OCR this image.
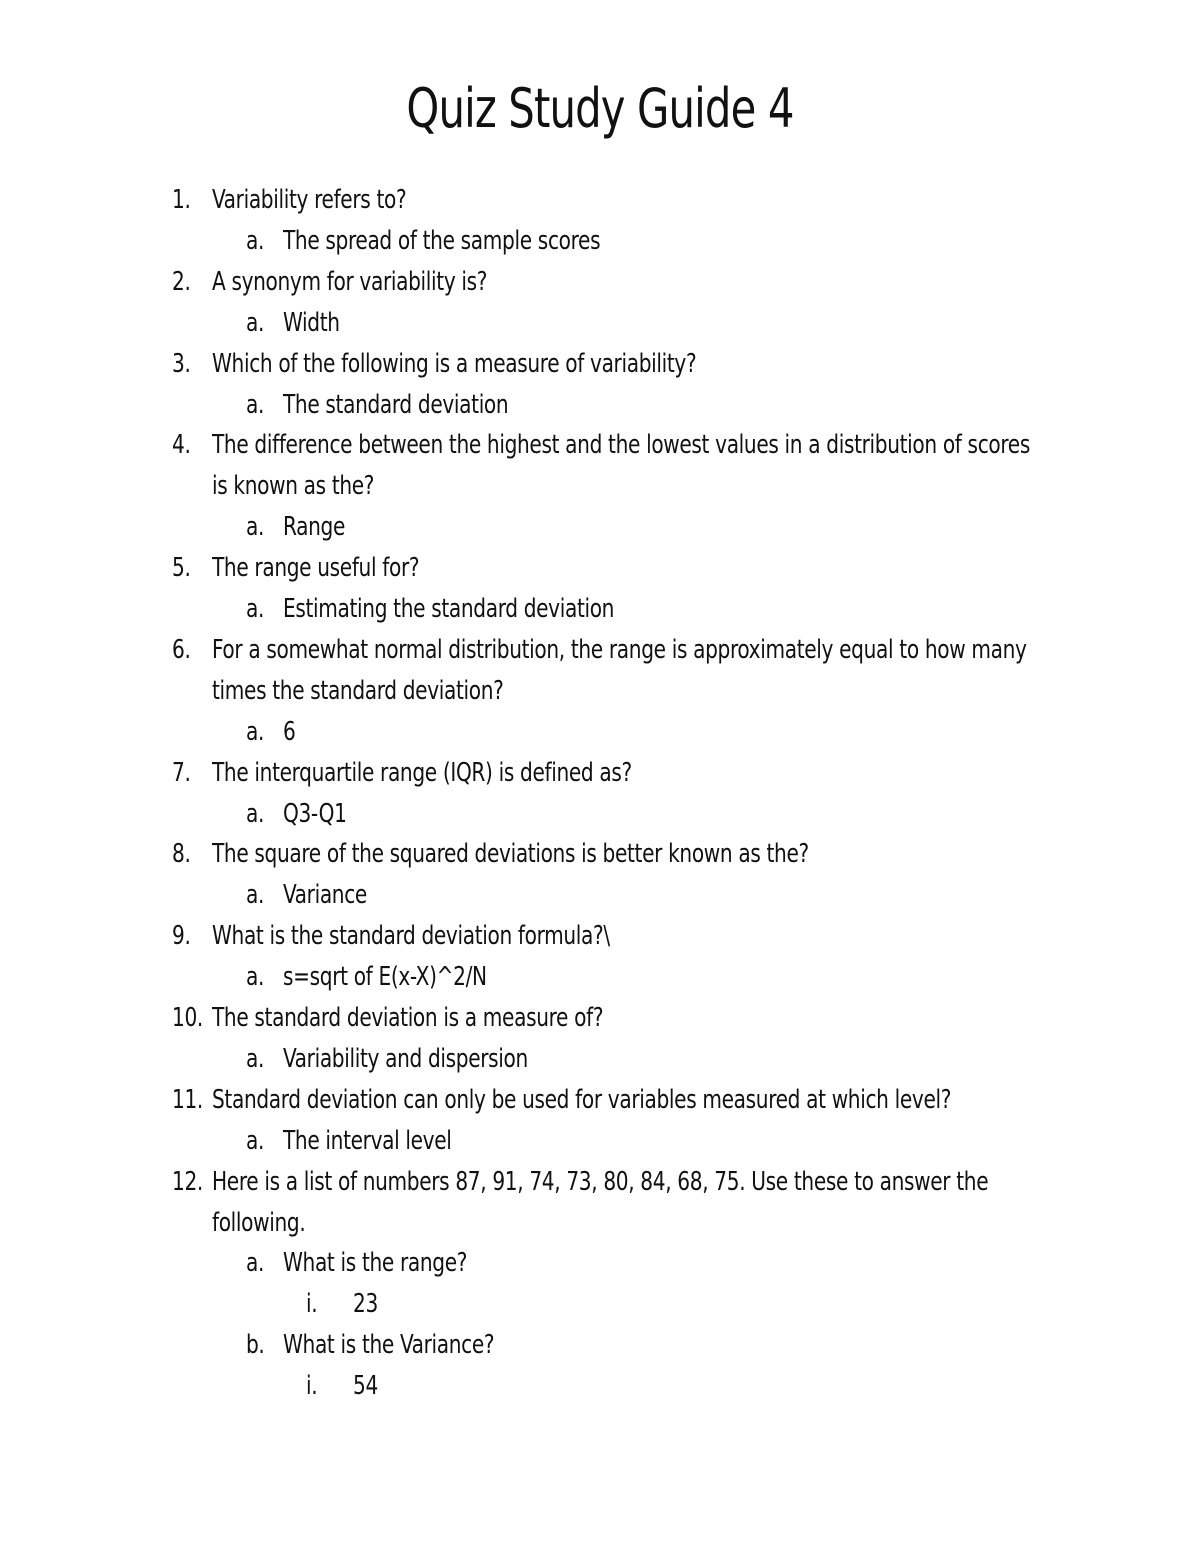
Quiz Study Guide 4
1. Variability refers to?
a. The spread of the sample scores
2. A synonym for variability is?
a. Width
3. Which of the following is a measure of variability?
a. The standard deviation
4. The difference between the highest and the lowest values in a distribution of scores
is known as the?
a. Range
5. The range useful for?
a. Estimating the standard deviation
6. For a somewhat normal distribution, the range is approximately equal to how many
times the standard deviation?
a. 6
7. The interquartile range (IQR) is defined as?
a. Q3-Q1
8. The square of the squared deviations is better known as the?
a. Variance
9. What is the standard deviation formula?\
a. s=sqrt of E(x-X)^2/N
10. The standard deviation is a measure of?
a. Variability and dispersion
11. Standard deviation can only be used for variables measured at which level?
a. The interval level
12. Here is a list of numbers 87, 91, 74, 73, 80, 84, 68, 75. Use these to answer the
following.
a. What is the range?
i. 23
b. What is the Variance?
i. 54
